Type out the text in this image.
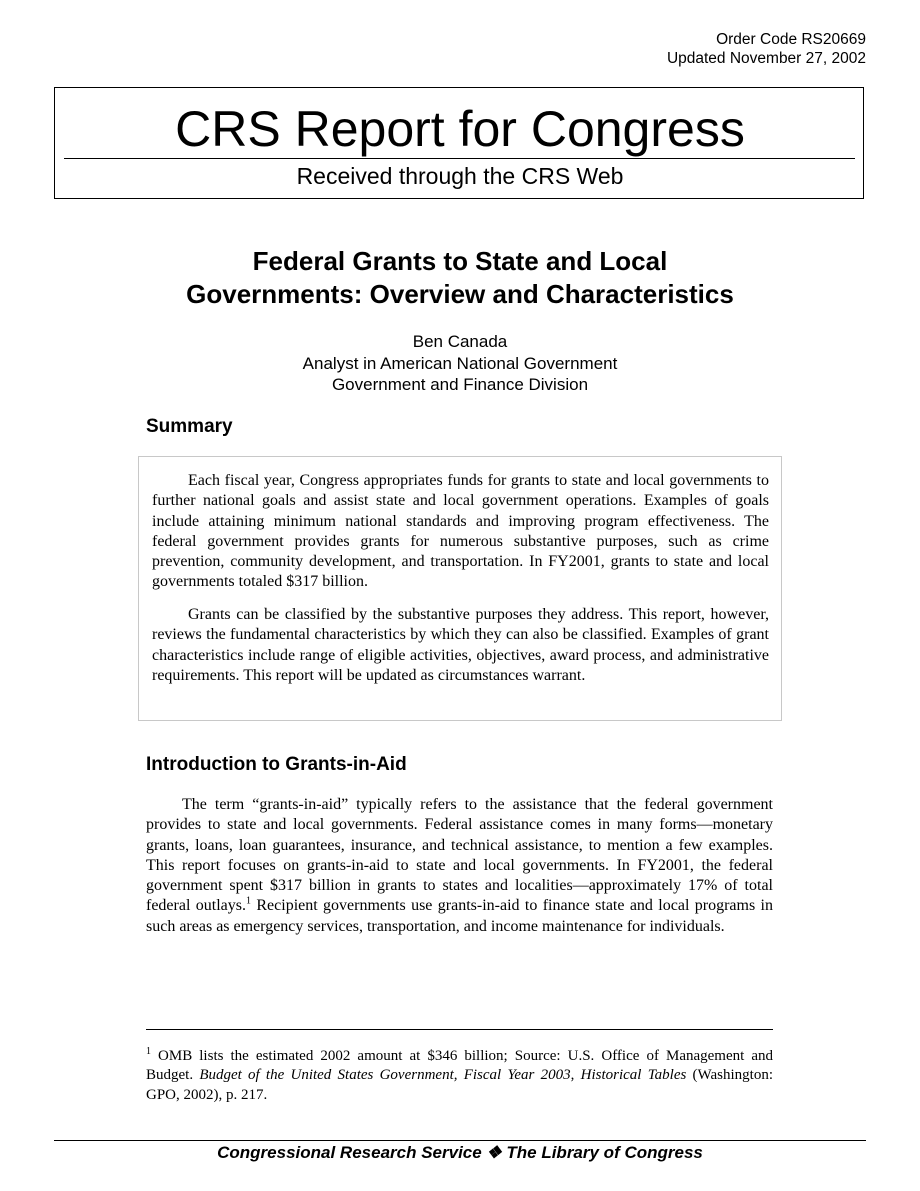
Order Code RS20669
Updated November 27, 2002
CRS Report for Congress
Received through the CRS Web
Federal Grants to State and Local
Governments: Overview and Characteristics
Ben Canada
Analyst in American National Government
Government and Finance Division
Summary

Each fiscal year, Congress appropriates funds for grants to state and local governments to further national goals and assist state and local government operations. Examples of goals include attaining minimum national standards and improving program effectiveness. The federal government provides grants for numerous substantive purposes, such as crime prevention, community development, and transportation. In FY2001, grants to state and local governments totaled $317 billion.

Grants can be classified by the substantive purposes they address. This report, however, reviews the fundamental characteristics by which they can also be classified. Examples of grant characteristics include range of eligible activities, objectives, award process, and administrative requirements. This report will be updated as circumstances warrant.

Introduction to Grants-in-Aid

The term “grants-in-aid” typically refers to the assistance that the federal government provides to state and local governments. Federal assistance comes in many forms—monetary grants, loans, loan guarantees, insurance, and technical assistance, to mention a few examples. This report focuses on grants-in-aid to state and local governments. In FY2001, the federal government spent $317 billion in grants to states and localities—approximately 17% of total federal outlays.$^1$ Recipient governments use grants-in-aid to finance state and local programs in such areas as emergency services, transportation, and income maintenance for individuals.

$^1$ OMB lists the estimated 2002 amount at $346 billion; Source: U.S. Office of Management and Budget. Budget of the United States Government, Fiscal Year 2003, Historical Tables (Washington: GPO, 2002), p. 217.

Congressional Research Service ❖ The Library of Congress
